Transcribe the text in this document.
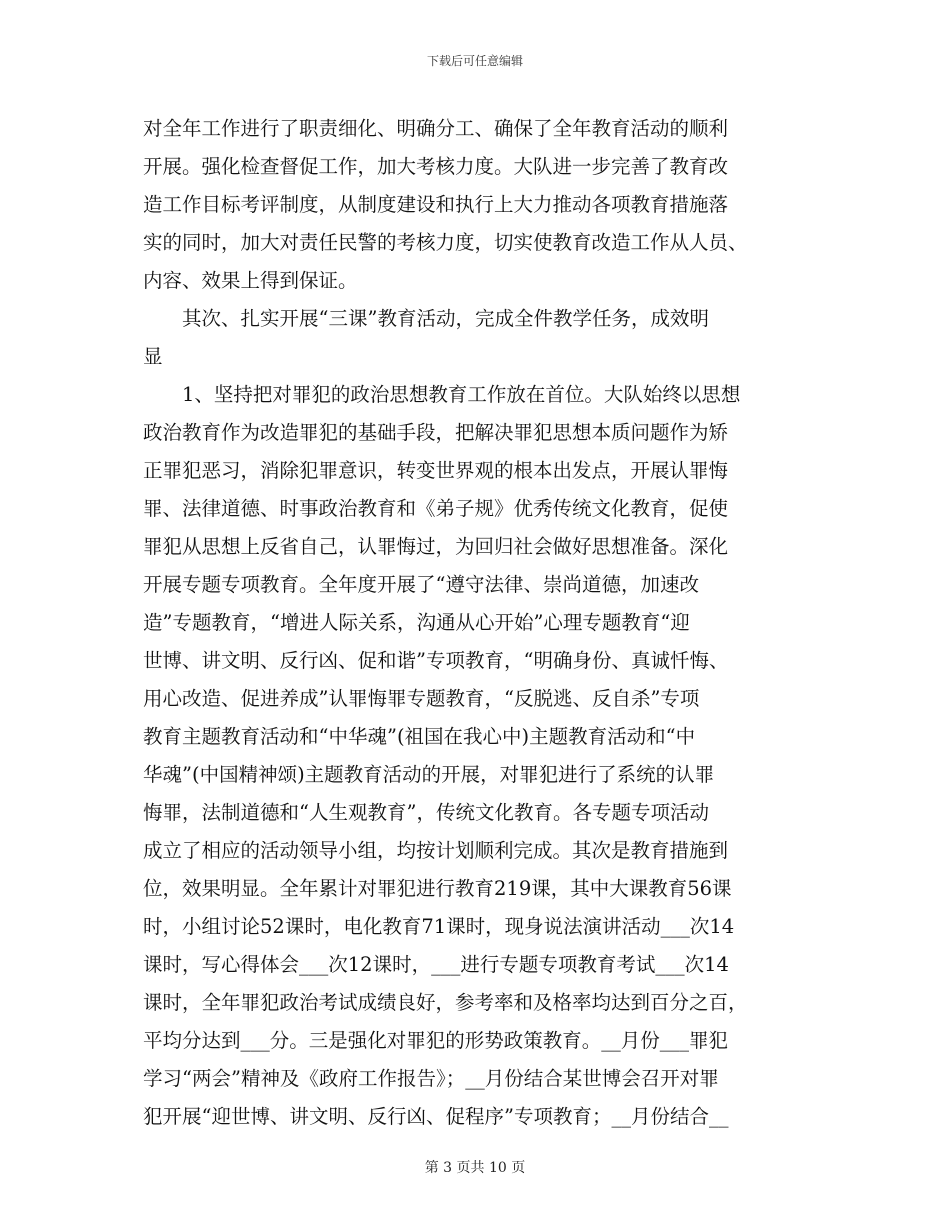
下载后可任意编辑
对全年工作进行了职责细化、明确分工、确保了全年教育活动的顺利
开展。强化检查督促工作，加大考核力度。大队进一步完善了教育改
造工作目标考评制度，从制度建设和执行上大力推动各项教育措施落
实的同时，加大对责任民警的考核力度，切实使教育改造工作从人员、
内容、效果上得到保证。
　　其次、扎实开展“三课”教育活动，完成全件教学任务，成效明
显
　　1、坚持把对罪犯的政治思想教育工作放在首位。大队始终以思想
政治教育作为改造罪犯的基础手段，把解决罪犯思想本质问题作为矫
正罪犯恶习，消除犯罪意识，转变世界观的根本出发点，开展认罪悔
罪、法律道德、时事政治教育和《弟子规》优秀传统文化教育，促使
罪犯从思想上反省自己，认罪悔过，为回归社会做好思想准备。深化
开展专题专项教育。全年度开展了“遵守法律、崇尚道德，加速改
造”专题教育，“增进人际关系，沟通从心开始”心理专题教育“迎
世博、讲文明、反行凶、促和谐”专项教育，“明确身份、真诚忏悔、
用心改造、促进养成”认罪悔罪专题教育，“反脱逃、反自杀”专项
教育主题教育活动和“中华魂”(祖国在我心中)主题教育活动和“中
华魂”(中国精神颂)主题教育活动的开展，对罪犯进行了系统的认罪
悔罪，法制道德和“人生观教育”，传统文化教育。各专题专项活动
成立了相应的活动领导小组，均按计划顺利完成。其次是教育措施到
位，效果明显。全年累计对罪犯进行教育219课，其中大课教育56课
时，小组讨论52课时，电化教育71课时，现身说法演讲活动___次14
课时，写心得体会___次12课时，___进行专题专项教育考试___次14
课时，全年罪犯政治考试成绩良好，参考率和及格率均达到百分之百，
平均分达到___分。三是强化对罪犯的形势政策教育。__月份___罪犯
学习“两会”精神及《政府工作报告》；__月份结合某世博会召开对罪
犯开展“迎世博、讲文明、反行凶、促程序”专项教育；__月份结合__
第 3 页共 10 页
